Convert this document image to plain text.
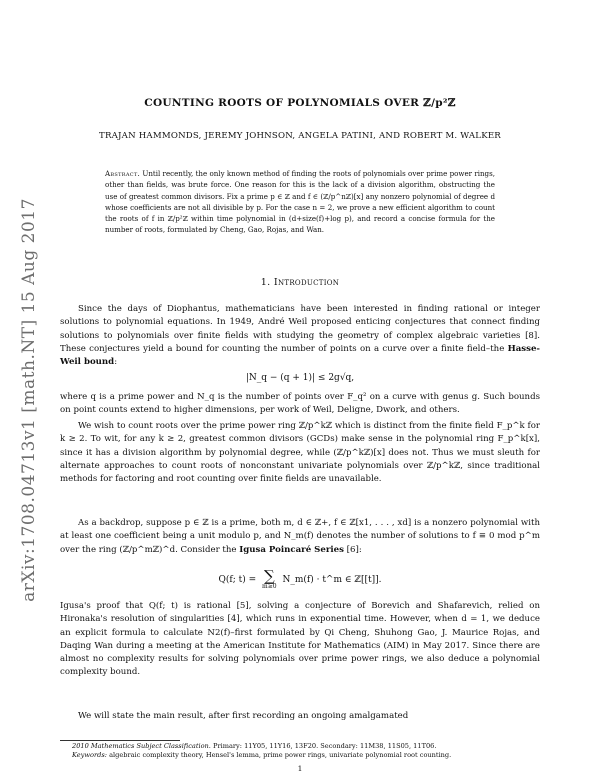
arXiv:1708.04713v1 [math.NT] 15 Aug 2017
COUNTING ROOTS OF POLYNOMIALS OVER ℤ/p²ℤ
TRAJAN HAMMONDS, JEREMY JOHNSON, ANGELA PATINI, AND ROBERT M. WALKER
Abstract. Until recently, the only known method of finding the roots of polynomials over prime power rings, other than fields, was brute force. One reason for this is the lack of a division algorithm, obstructing the use of greatest common divisors. Fix a prime p ∈ ℤ and f ∈ (ℤ/p^nℤ)[x] any nonzero polynomial of degree d whose coefficients are not all divisible by p. For the case n = 2, we prove a new efficient algorithm to count the roots of f in ℤ/p²ℤ within time polynomial in (d+size(f)+log p), and record a concise formula for the number of roots, formulated by Cheng, Gao, Rojas, and Wan.
1. Introduction
Since the days of Diophantus, mathematicians have been interested in finding rational or integer solutions to polynomial equations. In 1949, André Weil proposed enticing conjectures that connect finding solutions to polynomials over finite fields with studying the geometry of complex algebraic varieties [8]. These conjectures yield a bound for counting the number of points on a curve over a finite field–the Hasse-Weil bound:
|N_q − (q + 1)| ≤ 2g√q,
where q is a prime power and N_q is the number of points over F_q² on a curve with genus g. Such bounds on point counts extend to higher dimensions, per work of Weil, Deligne, Dwork, and others.
We wish to count roots over the prime power ring ℤ/p^kℤ which is distinct from the finite field F_p^k for k ≥ 2. To wit, for any k ≥ 2, greatest common divisors (GCDs) make sense in the polynomial ring F_p^k[x], since it has a division algorithm by polynomial degree, while (ℤ/p^kℤ)[x] does not. Thus we must sleuth for alternate approaches to count roots of nonconstant univariate polynomials over ℤ/p^kℤ, since traditional methods for factoring and root counting over finite fields are unavailable.
As a backdrop, suppose p ∈ ℤ is a prime, both m, d ∈ ℤ+, f ∈ ℤ[x1, . . . , xd] is a nonzero polynomial with at least one coefficient being a unit modulo p, and N_m(f) denotes the number of solutions to f ≡ 0 mod p^m over the ring (ℤ/p^mℤ)^d. Consider the Igusa Poincaré Series [6]:
Q(f; t) = ∑
m≥0
N_m(f) · t^m ∈ ℤ[[t]].
Igusa's proof that Q(f; t) is rational [5], solving a conjecture of Borevich and Shafarevich, relied on Hironaka's resolution of singularities [4], which runs in exponential time. However, when d = 1, we deduce an explicit formula to calculate N2(f)–first formulated by Qi Cheng, Shuhong Gao, J. Maurice Rojas, and Daqing Wan during a meeting at the American Institute for Mathematics (AIM) in May 2017. Since there are almost no complexity results for solving polynomials over prime power rings, we also deduce a polynomial complexity bound.
We will state the main result, after first recording an ongoing amalgamated
2010 Mathematics Subject Classification. Primary: 11Y05, 11Y16, 13F20. Secondary: 11M38, 11S05, 11T06.
Keywords: algebraic complexity theory, Hensel's lemma, prime power rings, univariate polynomial root counting.
1
